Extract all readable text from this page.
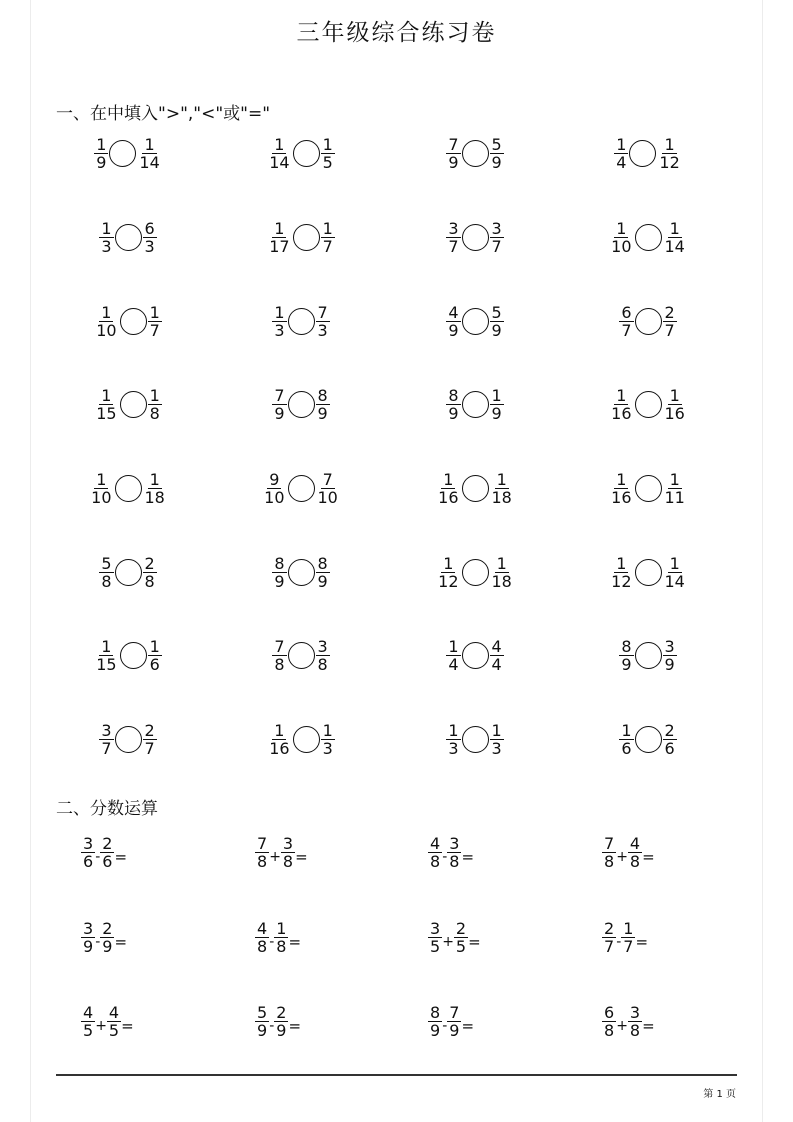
三年级综合练习卷
一、在中填入">","<"或"="
$\frac{1}{9} \frac{1}{14}$	$\frac{1}{14} \frac{1}{5}$	$\frac{7}{9} \frac{5}{9}$	$\frac{1}{4} \frac{1}{12}$
$\frac{1}{3} \frac{6}{3}$	$\frac{1}{17} \frac{1}{7}$	$\frac{3}{7} \frac{3}{7}$	$\frac{1}{10} \frac{1}{14}$
$\frac{1}{10} \frac{1}{7}$	$\frac{1}{3} \frac{7}{3}$	$\frac{4}{9} \frac{5}{9}$	$\frac{6}{7} \frac{2}{7}$
$\frac{1}{15} \frac{1}{8}$	$\frac{7}{9} \frac{8}{9}$	$\frac{8}{9} \frac{1}{9}$	$\frac{1}{16} \frac{1}{16}$
$\frac{1}{10} \frac{1}{18}$	$\frac{9}{10} \frac{7}{10}$	$\frac{1}{16} \frac{1}{18}$	$\frac{1}{16} \frac{1}{11}$
$\frac{5}{8} \frac{2}{8}$	$\frac{8}{9} \frac{8}{9}$	$\frac{1}{12} \frac{1}{18}$	$\frac{1}{12} \frac{1}{14}$
$\frac{1}{15} \frac{1}{6}$	$\frac{7}{8} \frac{3}{8}$	$\frac{1}{4} \frac{4}{4}$	$\frac{8}{9} \frac{3}{9}$
$\frac{3}{7} \frac{2}{7}$	$\frac{1}{16} \frac{1}{3}$	$\frac{1}{3} \frac{1}{3}$	$\frac{1}{6} \frac{2}{6}$
二、分数运算
$\frac{3}{6} - \frac{2}{6}$ =	$\frac{7}{8} + \frac{3}{8}$ =	$\frac{4}{8} - \frac{3}{8}$ =	$\frac{7}{8} + \frac{4}{8}$ =
$\frac{3}{9} - \frac{2}{9}$ =	$\frac{4}{8} - \frac{1}{8}$ =	$\frac{3}{5} + \frac{2}{5}$ =	$\frac{2}{7} - \frac{1}{7}$ =
$\frac{4}{5} + \frac{4}{5}$ =	$\frac{5}{9} - \frac{2}{9}$ =	$\frac{8}{9} - \frac{7}{9}$ =	$\frac{6}{8} + \frac{3}{8}$ =
第 1 页
